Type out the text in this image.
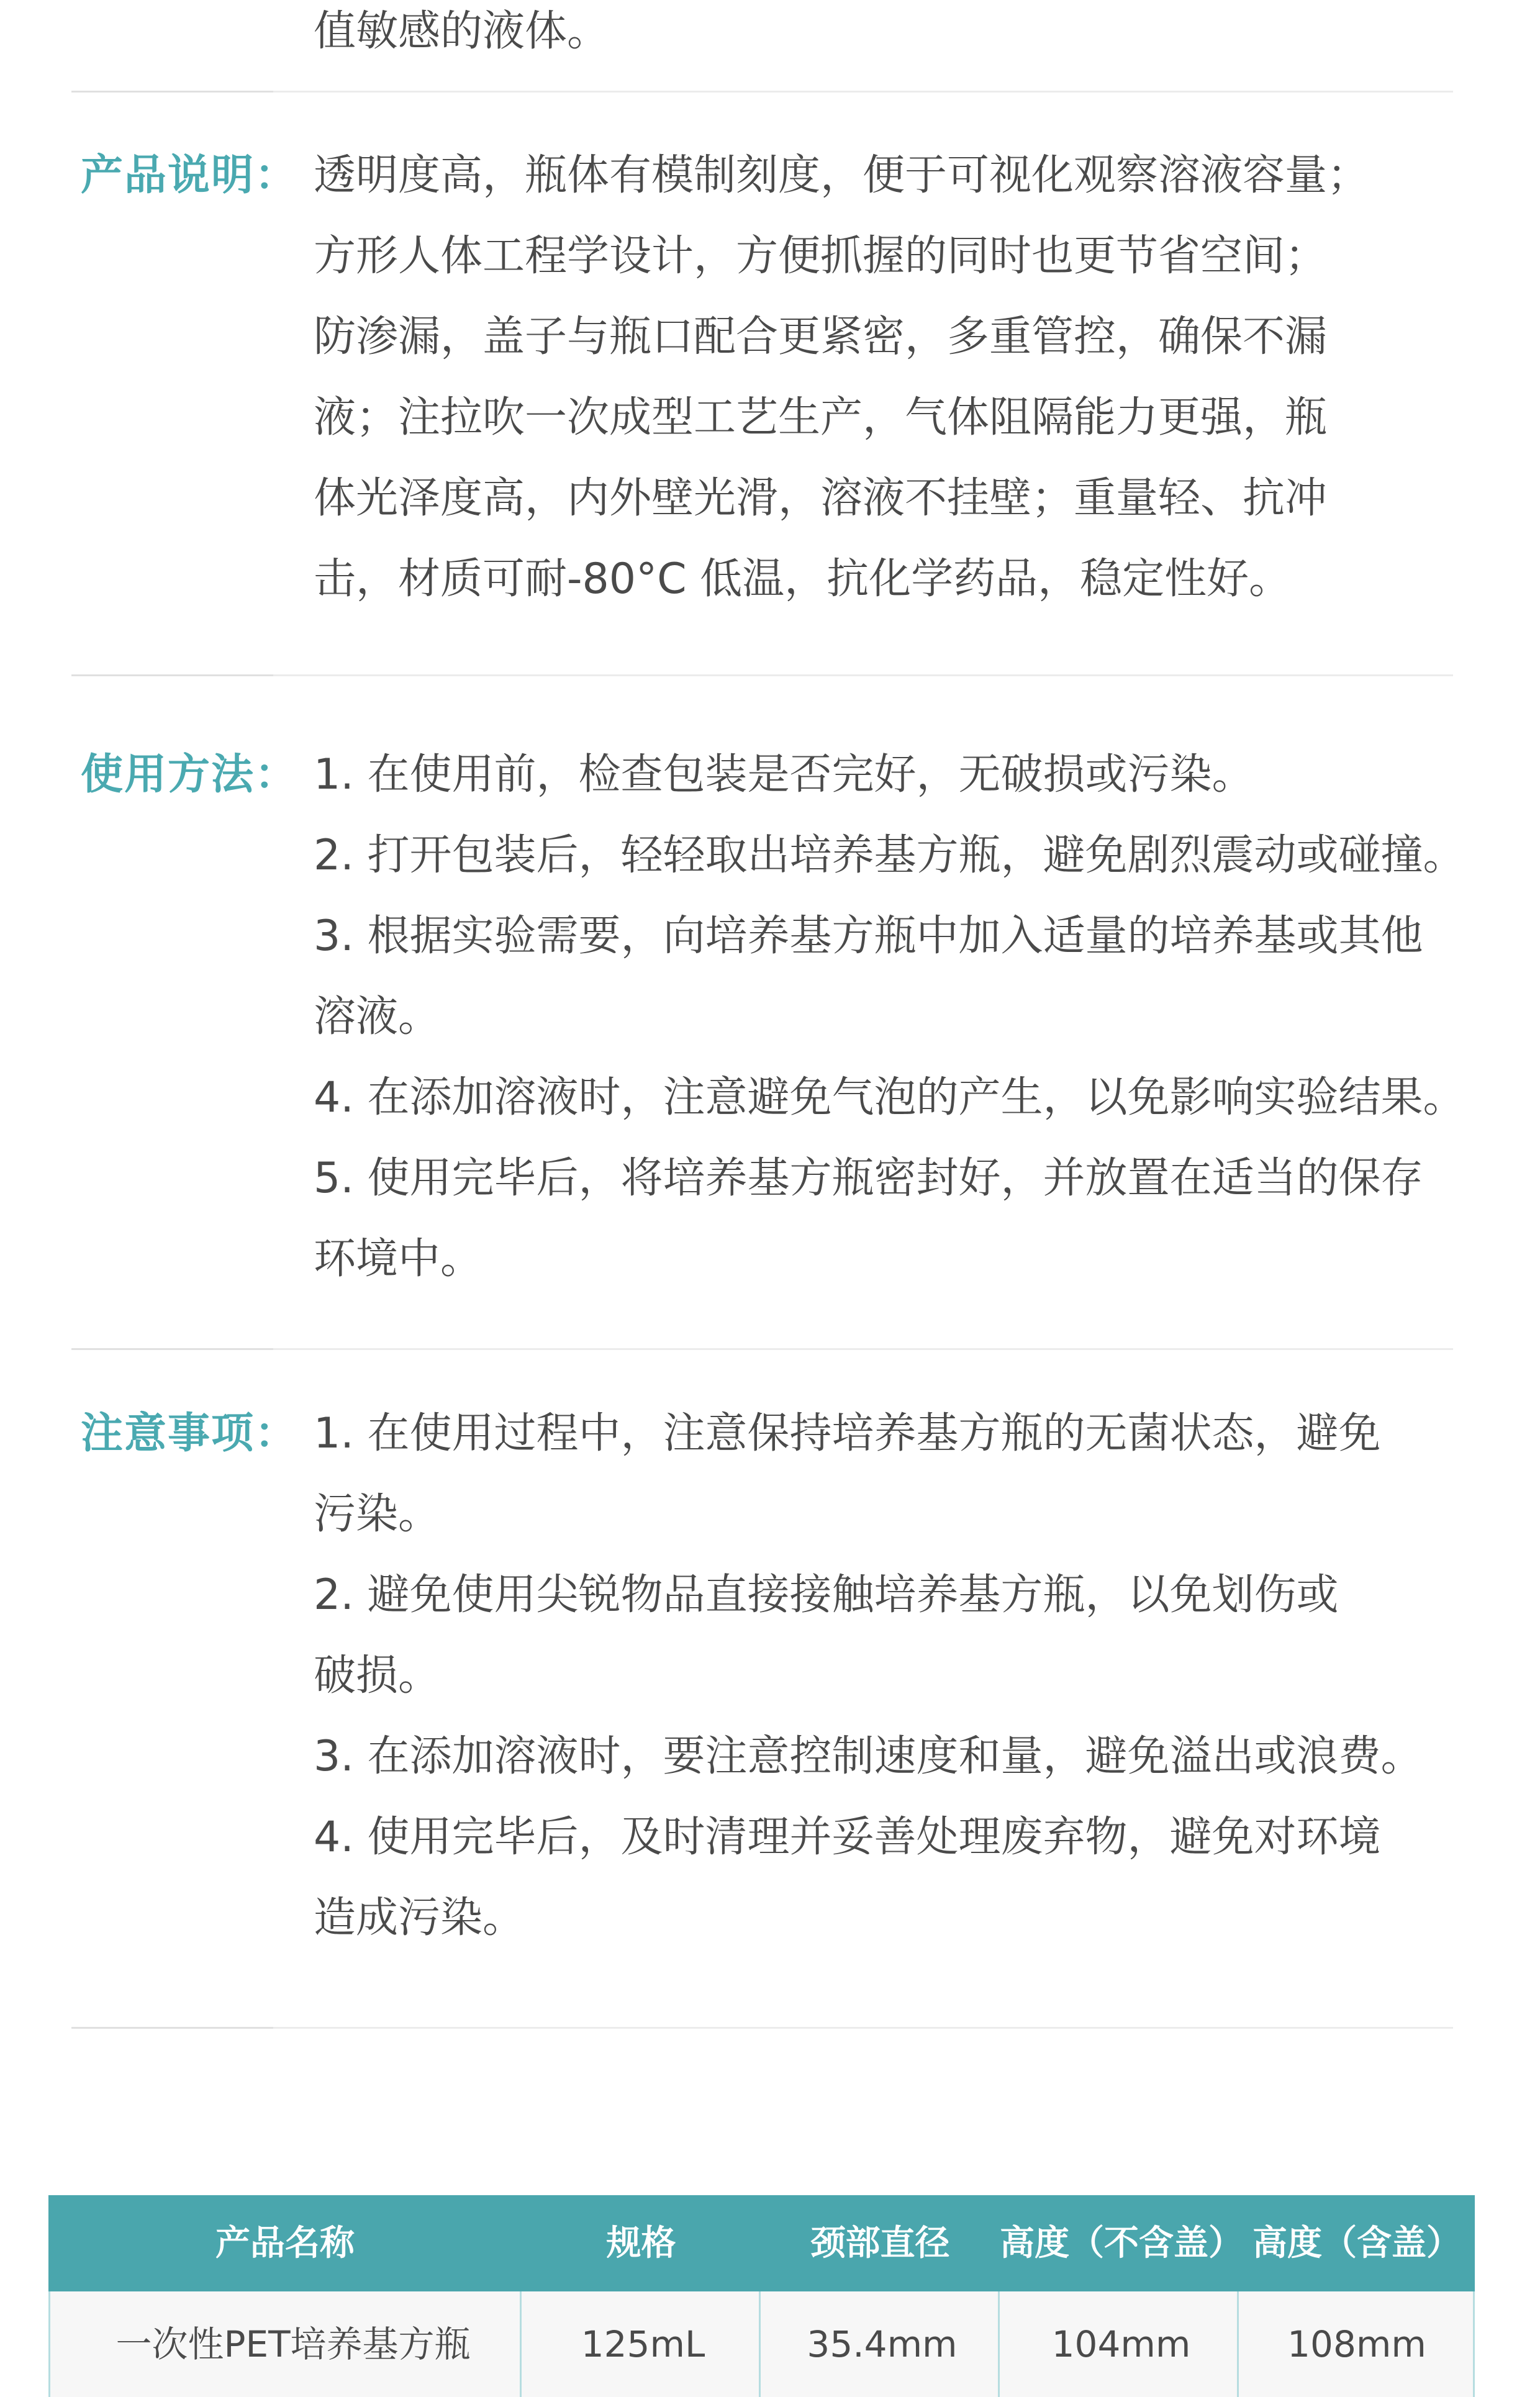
值敏感的液体。
产品说明： 透明度高，瓶体有模制刻度，便于可视化观察溶液容量；
方形人体工程学设计，方便抓握的同时也更节省空间；
防渗漏，盖子与瓶口配合更紧密，多重管控，确保不漏
液；注拉吹一次成型工艺生产，气体阻隔能力更强，瓶
体光泽度高，内外壁光滑，溶液不挂壁；重量轻、抗冲
击，材质可耐-80°C 低温，抗化学药品，稳定性好。
使用方法： 1. 在使用前，检查包装是否完好，无破损或污染。
2. 打开包装后，轻轻取出培养基方瓶，避免剧烈震动或碰撞。
3. 根据实验需要，向培养基方瓶中加入适量的培养基或其他
溶液。
4. 在添加溶液时，注意避免气泡的产生，以免影响实验结果。
5. 使用完毕后，将培养基方瓶密封好，并放置在适当的保存
环境中。
注意事项： 1. 在使用过程中，注意保持培养基方瓶的无菌状态，避免
污染。
2. 避免使用尖锐物品直接接触培养基方瓶，以免划伤或
破损。
3. 在添加溶液时，要注意控制速度和量，避免溢出或浪费。
4. 使用完毕后，及时清理并妥善处理废弃物，避免对环境
造成污染。
产品名称	规格	颈部直径	高度（不含盖） 高度（含盖）
一次性PET培养基方瓶	125mL	35.4mm	104mm	108mm
